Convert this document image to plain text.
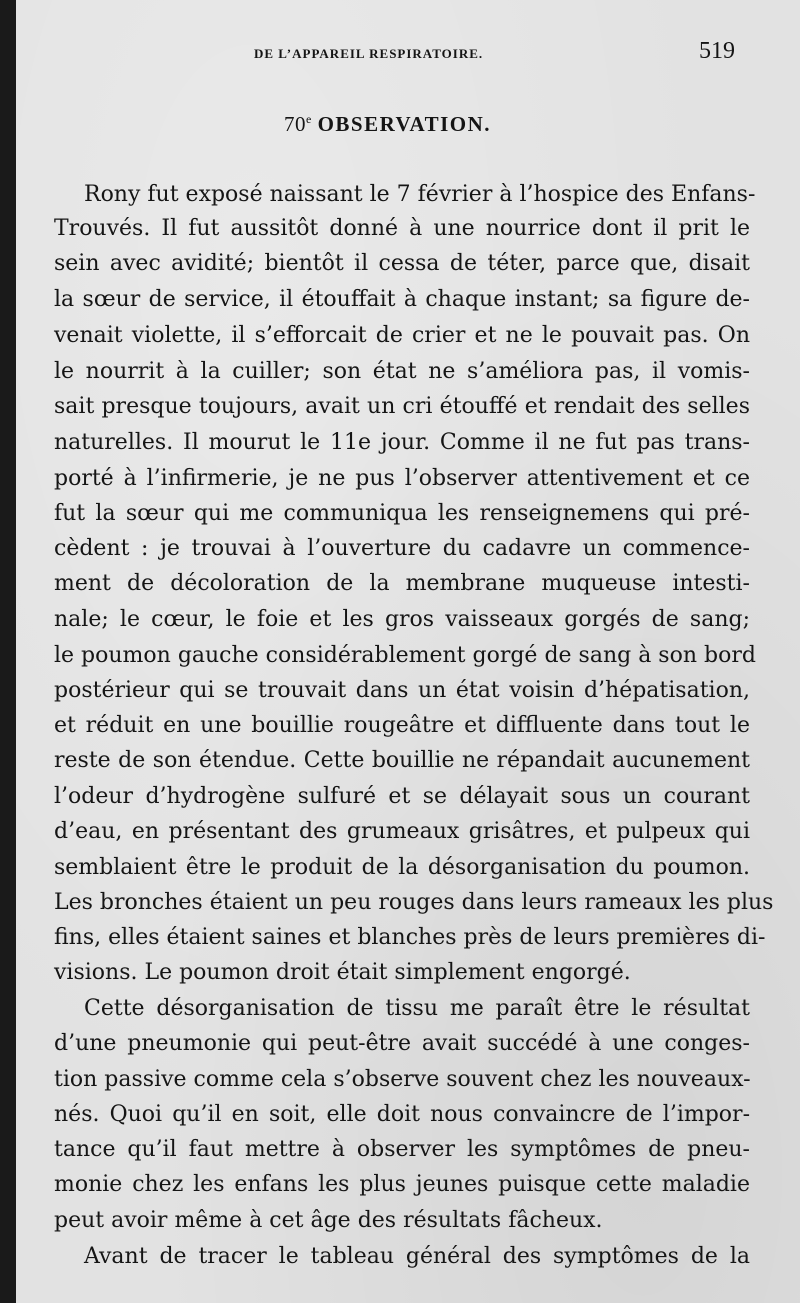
DE L’APPAREIL RESPIRATOIRE.	519
70e OBSERVATION.
Rony fut exposé naissant le 7 février à l’hospice des Enfans-
Trouvés. Il fut aussitôt donné à une nourrice dont il prit le
sein avec avidité; bientôt il cessa de téter, parce que, disait
la sœur de service, il étouffait à chaque instant; sa figure de-
venait violette, il s’efforcait de crier et ne le pouvait pas. On
le nourrit à la cuiller; son état ne s’améliora pas, il vomis-
sait presque toujours, avait un cri étouffé et rendait des selles
naturelles. Il mourut le 11e jour. Comme il ne fut pas trans-
porté à l’infirmerie, je ne pus l’observer attentivement et ce
fut la sœur qui me communiqua les renseignemens qui pré-
cèdent : je trouvai à l’ouverture du cadavre un commence-
ment de décoloration de la membrane muqueuse intesti-
nale; le cœur, le foie et les gros vaisseaux gorgés de sang;
le poumon gauche considérablement gorgé de sang à son bord
postérieur qui se trouvait dans un état voisin d’hépatisation,
et réduit en une bouillie rougeâtre et diffluente dans tout le
reste de son étendue. Cette bouillie ne répandait aucunement
l’odeur d’hydrogène sulfuré et se délayait sous un courant
d’eau, en présentant des grumeaux grisâtres, et pulpeux qui
semblaient être le produit de la désorganisation du poumon.
Les bronches étaient un peu rouges dans leurs rameaux les plus
fins, elles étaient saines et blanches près de leurs premières di-
visions. Le poumon droit était simplement engorgé.
Cette désorganisation de tissu me paraît être le résultat
d’une pneumonie qui peut-être avait succédé à une conges-
tion passive comme cela s’observe souvent chez les nouveaux-
nés. Quoi qu’il en soit, elle doit nous convaincre de l’impor-
tance qu’il faut mettre à observer les symptômes de pneu-
monie chez les enfans les plus jeunes puisque cette maladie
peut avoir même à cet âge des résultats fâcheux.
Avant de tracer le tableau général des symptômes de la
